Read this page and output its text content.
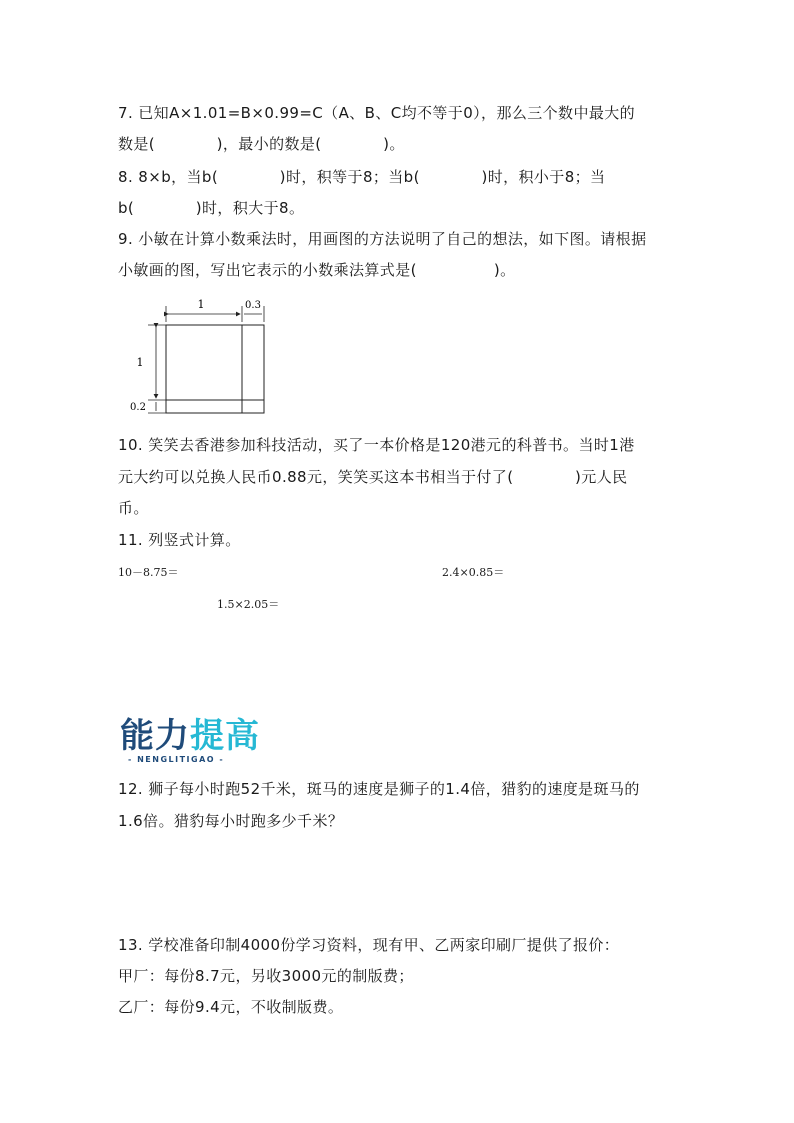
7. 已知A×1.01=B×0.99=C（A、B、C均不等于0），那么三个数中最大的
数是(　　　　)，最小的数是(　　　　)。
8. 8×b，当b(　　　　)时，积等于8；当b(　　　　)时，积小于8；当
b(　　　　)时，积大于8。
9. 小敏在计算小数乘法时，用画图的方法说明了自己的想法，如下图。请根据
小敏画的图，写出它表示的小数乘法算式是(　　　　　)。
1	0.3
1
0.2
10. 笑笑去香港参加科技活动，买了一本价格是120港元的科普书。当时1港
元大约可以兑换人民币0.88元，笑笑买这本书相当于付了(　　　　)元人民
币。
11. 列竖式计算。
10－8.75＝	2.4×0.85＝
1.5×2.05＝
能力提高
- NENGLITIGAO -
12. 狮子每小时跑52千米，斑马的速度是狮子的1.4倍，猎豹的速度是斑马的
1.6倍。猎豹每小时跑多少千米？
13. 学校准备印制4000份学习资料，现有甲、乙两家印刷厂提供了报价：
甲厂：每份8.7元，另收3000元的制版费；
乙厂：每份9.4元，不收制版费。
